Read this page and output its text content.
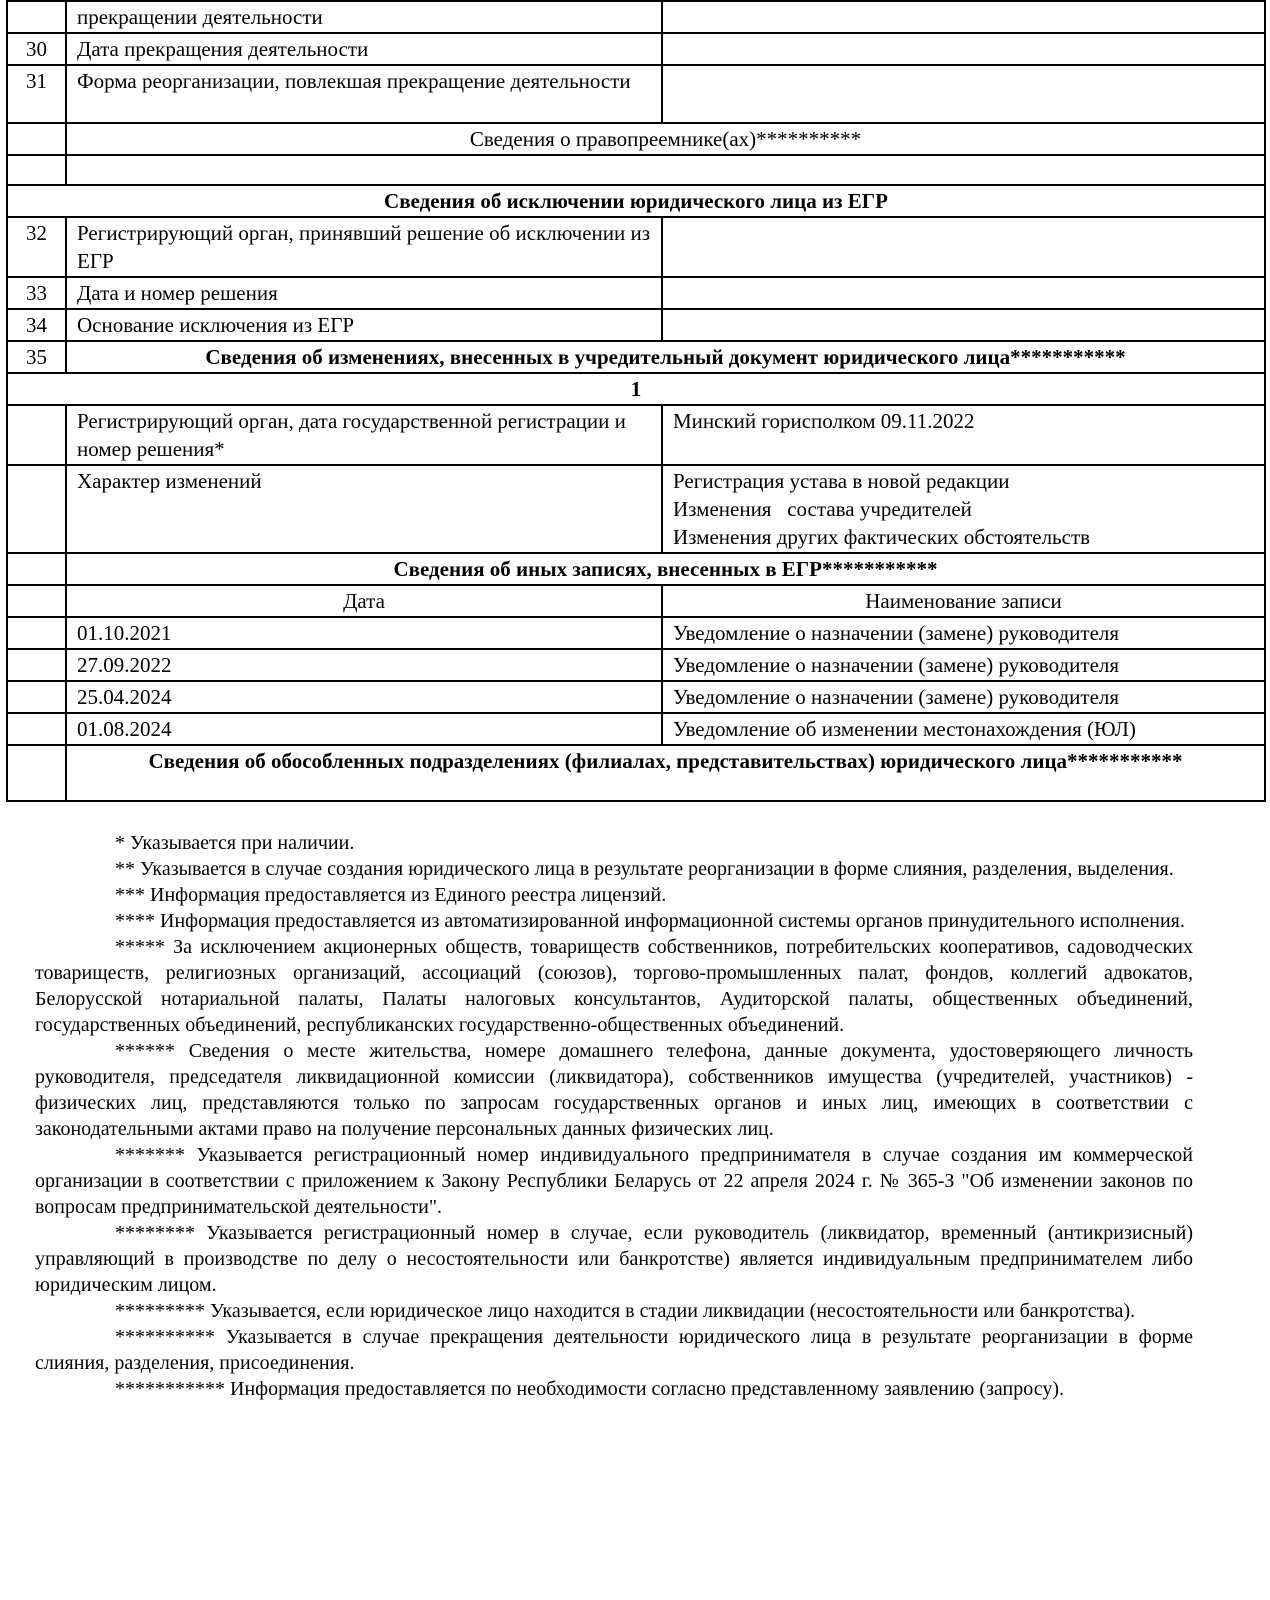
	прекращении деятельности	
30	Дата прекращения деятельности	
31	Форма реорганизации, повлекшая прекращение деятельности	
	Сведения о правопреемнике(ах)**********	

Сведения об исключении юридического лица из ЕГР		
32	Регистрирующий орган, принявший решение об исключении из ЕГР	
33	Дата и номер решения	
34	Основание исключения из ЕГР	
35	Сведения об изменениях, внесенных в учредительный документ юридического лица***********	
1		
	Регистрирующий орган, дата государственной регистрации и номер решения*	Минский горисполком 09.11.2022
	Характер изменений	Регистрация устава в новой редакции
Изменения   состава учредителей
Изменения других фактических обстоятельств

	Сведения об иных записях, внесенных в ЕГР***********	
	Дата	Наименование записи
	01.10.2021	Уведомление о назначении (замене) руководителя
	27.09.2022	Уведомление о назначении (замене) руководителя
	25.04.2024	Уведомление о назначении (замене) руководителя
	01.08.2024	Уведомление об изменении местонахождения (ЮЛ)
	Сведения об обособленных подразделениях (филиалах, представительствах) юридического лица***********	

* Указывается при наличии.

** Указывается в случае создания юридического лица в результате реорганизации в форме слияния, разделения, выделения.

*** Информация предоставляется из Единого реестра лицензий.

**** Информация предоставляется из автоматизированной информационной системы органов принудительного исполнения.

***** За исключением акционерных обществ, товариществ собственников, потребительских кооперативов, садоводческих товариществ, религиозных организаций, ассоциаций (союзов), торгово-промышленных палат, фондов, коллегий адвокатов, Белорусской нотариальной палаты, Палаты налоговых консультантов, Аудиторской палаты, общественных объединений, государственных объединений, республиканских государственно-общественных объединений.

****** Сведения о месте жительства, номере домашнего телефона, данные документа, удостоверяющего личность руководителя, председателя ликвидационной комиссии (ликвидатора), собственников имущества (учредителей, участников) - физических лиц, представляются только по запросам государственных органов и иных лиц, имеющих в соответствии с законодательными актами право на получение персональных данных физических лиц.

******* Указывается регистрационный номер индивидуального предпринимателя в случае создания им коммерческой организации в соответствии с приложением к Закону Республики Беларусь от 22 апреля 2024 г. № 365-З "Об изменении законов по вопросам предпринимательской деятельности".

******** Указывается регистрационный номер в случае, если руководитель (ликвидатор, временный (антикризисный) управляющий в производстве по делу о несостоятельности или банкротстве) является индивидуальным предпринимателем либо юридическим лицом.

********* Указывается, если юридическое лицо находится в стадии ликвидации (несостоятельности или банкротства).

********** Указывается в случае прекращения деятельности юридического лица в результате реорганизации в форме слияния, разделения, присоединения.

*********** Информация предоставляется по необходимости согласно представленному заявлению (запросу).
